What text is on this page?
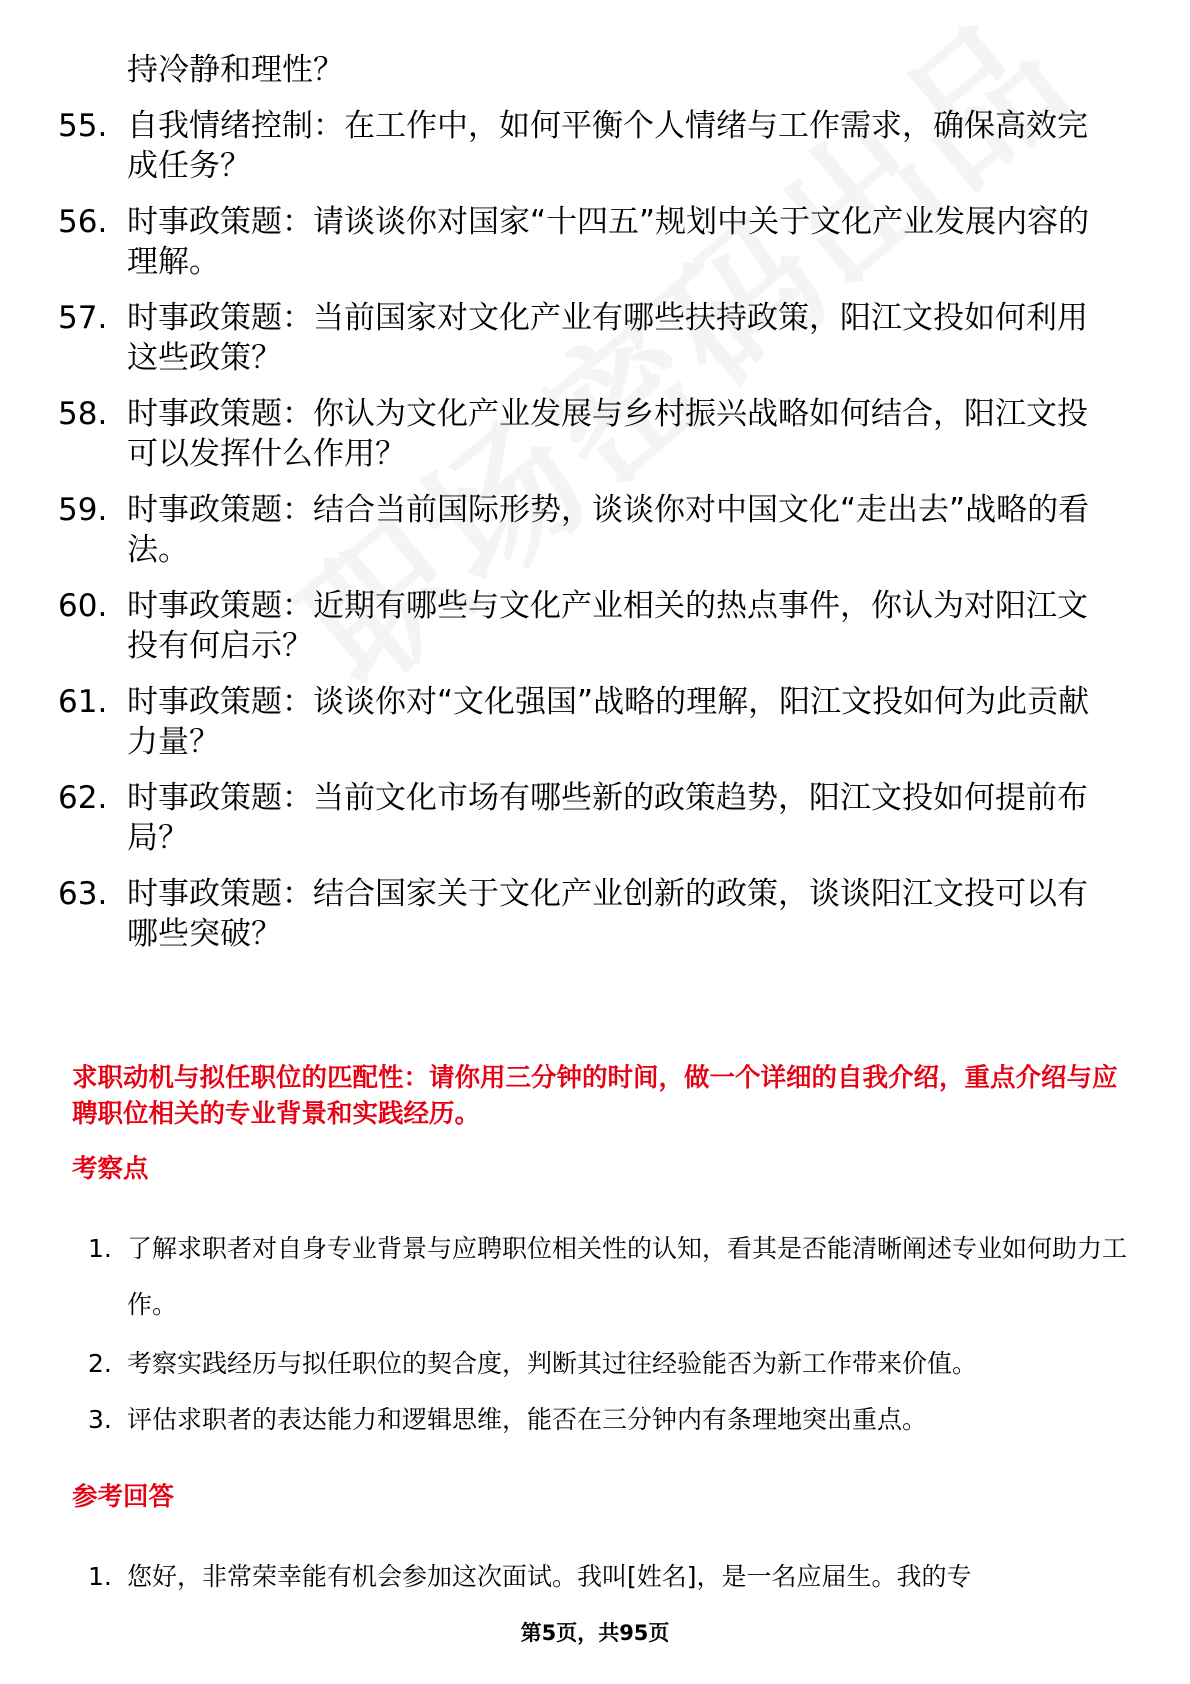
持冷静和理性？
55. 自我情绪控制：在工作中，如何平衡个人情绪与工作需求，确保高效完成任务？
56. 时事政策题：请谈谈你对国家“十四五”规划中关于文化产业发展内容的理解。
57. 时事政策题：当前国家对文化产业有哪些扶持政策，阳江文投如何利用这些政策？
58. 时事政策题：你认为文化产业发展与乡村振兴战略如何结合，阳江文投可以发挥什么作用？
59. 时事政策题：结合当前国际形势，谈谈你对中国文化“走出去”战略的看法。
60. 时事政策题：近期有哪些与文化产业相关的热点事件，你认为对阳江文投有何启示？
61. 时事政策题：谈谈你对“文化强国”战略的理解，阳江文投如何为此贡献力量？
62. 时事政策题：当前文化市场有哪些新的政策趋势，阳江文投如何提前布局？
63. 时事政策题：结合国家关于文化产业创新的政策，谈谈阳江文投可以有哪些突破？
求职动机与拟任职位的匹配性：请你用三分钟的时间，做一个详细的自我介绍，重点介绍与应聘职位相关的专业背景和实践经历。
考察点
1. 了解求职者对自身专业背景与应聘职位相关性的认知，看其是否能清晰阐述专业如何助力工作。
2. 考察实践经历与拟任职位的契合度，判断其过往经验能否为新工作带来价值。
3. 评估求职者的表达能力和逻辑思维，能否在三分钟内有条理地突出重点。
参考回答
1. 您好，非常荣幸能有机会参加这次面试。我叫[姓名]，是一名应届生。我的专
第5页，共95页
